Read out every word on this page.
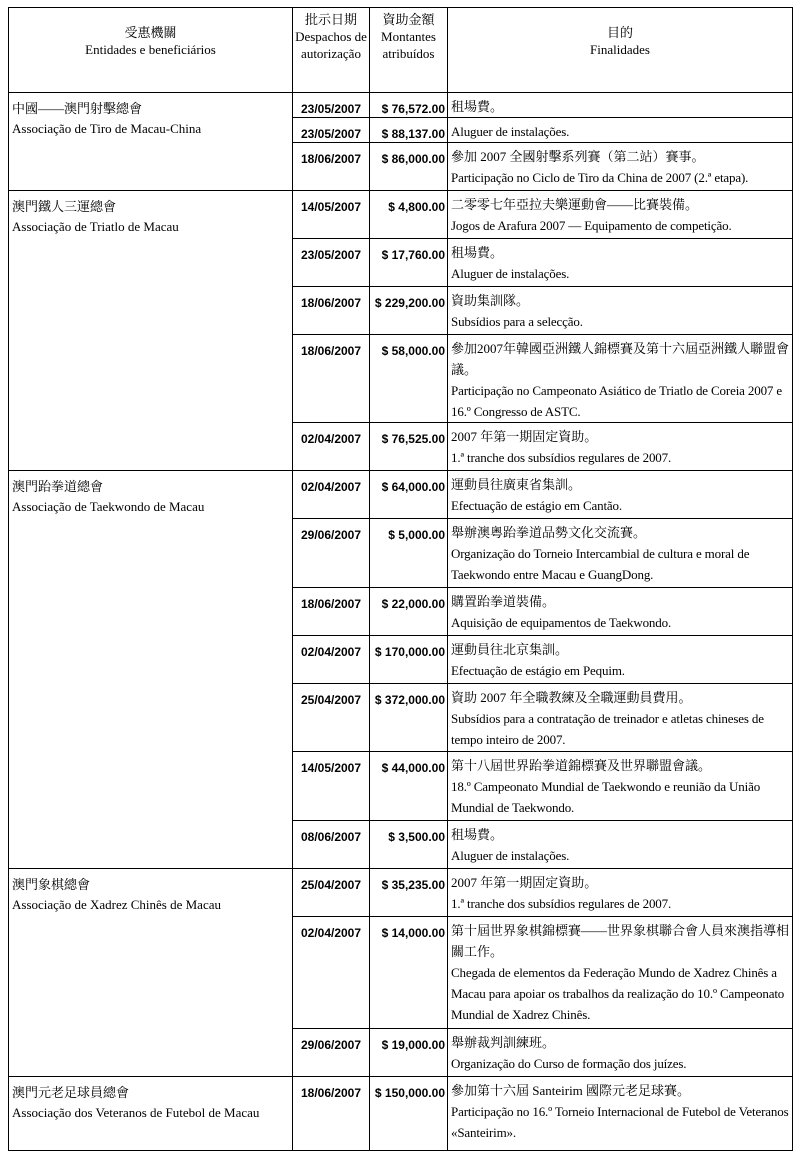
受惠機關
Entidades e beneficiários	批示日期
Despachos de
autorização	資助金額
Montantes
atribuídos	目的
Finalidades

中國——澳門射擊總會
Associação de Tiro de Macau-China	23/05/2007	$ 76,572.00	租場費。

	23/05/2007	$ 88,137.00	Aluguer de instalações.

	18/06/2007	$ 86,000.00	參加 2007 全國射擊系列賽（第二站）賽事。
Participação no Ciclo de Tiro da China de 2007 (2.ª etapa).

澳門鐵人三運總會
Associação de Triatlo de Macau	14/05/2007	$ 4,800.00	二零零七年亞拉夫樂運動會——比賽裝備。
Jogos de Arafura 2007 — Equipamento de competição.

	23/05/2007	$ 17,760.00	租場費。
Aluguer de instalações.

	18/06/2007	$ 229,200.00	資助集訓隊。
Subsídios para a selecção.

	18/06/2007	$ 58,000.00	參加2007年韓國亞洲鐵人錦標賽及第十六屆亞洲鐵人聯盟會議。
Participação no Campeonato Asiático de Triatlo de Coreia 2007 e 16.º Congresso de ASTC.

	02/04/2007	$ 76,525.00	2007 年第一期固定資助。
1.ª tranche dos subsídios regulares de 2007.

澳門跆拳道總會
Associação de Taekwondo de Macau	02/04/2007	$ 64,000.00	運動員往廣東省集訓。
Efectuação de estágio em Cantão.

	29/06/2007	$ 5,000.00	舉辦澳粵跆拳道品勢文化交流賽。
Organização do Torneio Intercambial de cultura e moral de Taekwondo entre Macau e GuangDong.

	18/06/2007	$ 22,000.00	購置跆拳道裝備。
Aquisição de equipamentos de Taekwondo.

	02/04/2007	$ 170,000.00	運動員往北京集訓。
Efectuação de estágio em Pequim.

	25/04/2007	$ 372,000.00	資助 2007 年全職教練及全職運動員費用。
Subsídios para a contratação de treinador e atletas chineses de tempo inteiro de 2007.

	14/05/2007	$ 44,000.00	第十八屆世界跆拳道錦標賽及世界聯盟會議。
18.º Campeonato Mundial de Taekwondo e reunião da União Mundial de Taekwondo.

	08/06/2007	$ 3,500.00	租場費。
Aluguer de instalações.

澳門象棋總會
Associação de Xadrez Chinês de Macau	25/04/2007	$ 35,235.00	2007 年第一期固定資助。
1.ª tranche dos subsídios regulares de 2007.

	02/04/2007	$ 14,000.00	第十屆世界象棋錦標賽——世界象棋聯合會人員來澳指導相關工作。
Chegada de elementos da Federação Mundo de Xadrez Chinês a Macau para apoiar os trabalhos da realização do 10.º Campeonato Mundial de Xadrez Chinês.

	29/06/2007	$ 19,000.00	舉辦裁判訓練班。
Organização do Curso de formação dos juízes.

澳門元老足球員總會
Associação dos Veteranos de Futebol de Macau	18/06/2007	$ 150,000.00	參加第十六屆 Santeirim 國際元老足球賽。
Participação no 16.º Torneio Internacional de Futebol de Veteranos «Santeirim».
